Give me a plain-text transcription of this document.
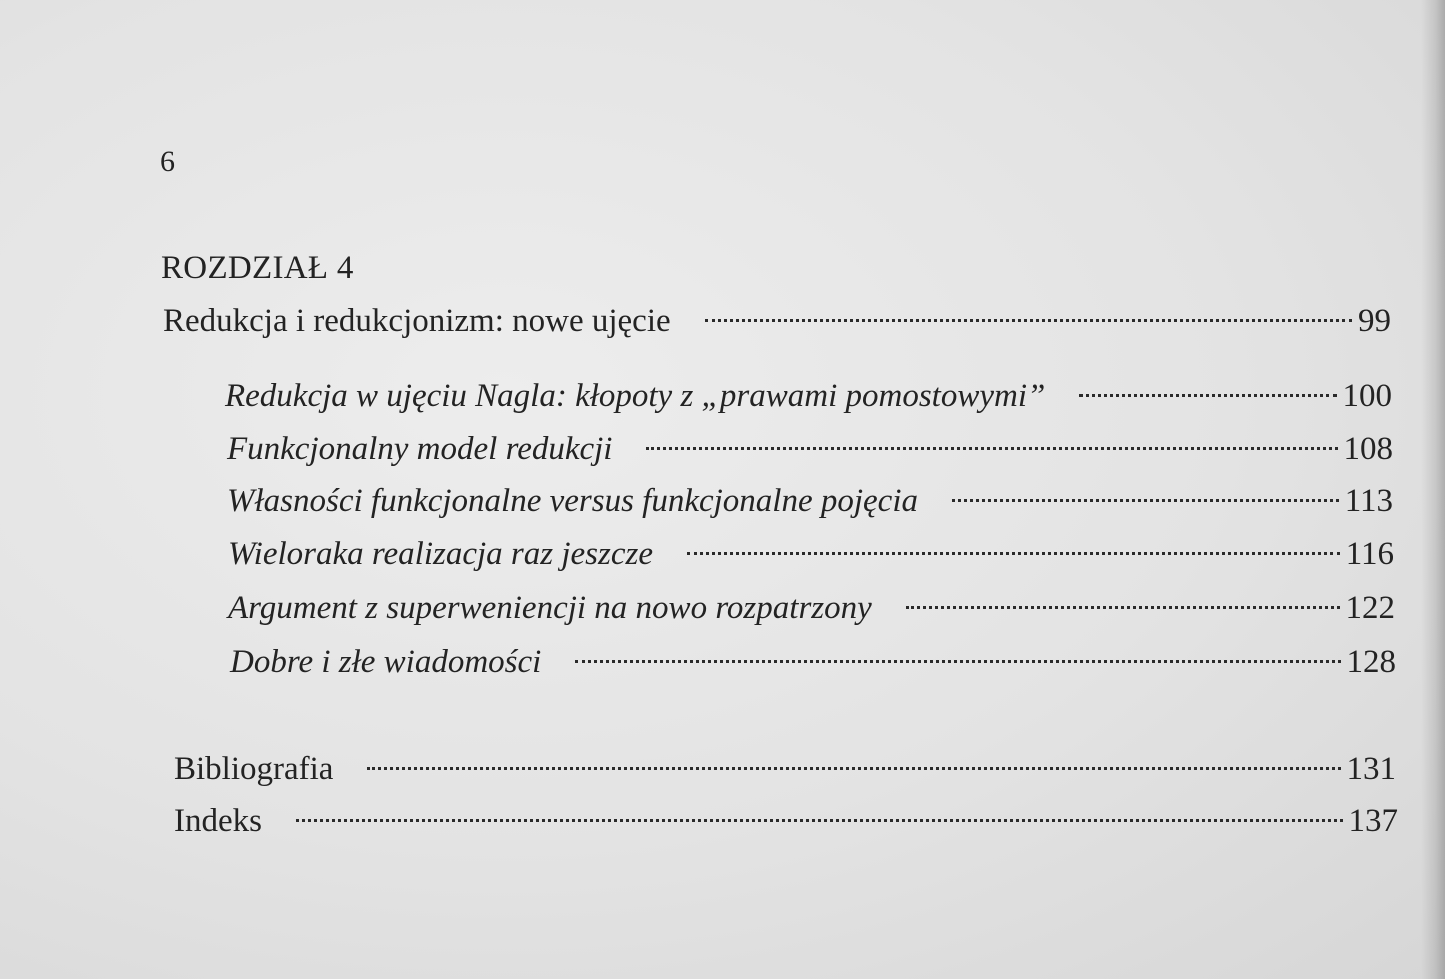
6
ROZDZIAŁ 4
Redukcja i redukcjonizm: nowe ujęcie	99
Redukcja w ujęciu Nagla: kłopoty z „prawami pomostowymi”	100
Funkcjonalny model redukcji	108
Własności funkcjonalne versus funkcjonalne pojęcia	113
Wieloraka realizacja raz jeszcze	116
Argument z superweniencji na nowo rozpatrzony	122
Dobre i złe wiadomości	128
Bibliografia	131
Indeks	137
